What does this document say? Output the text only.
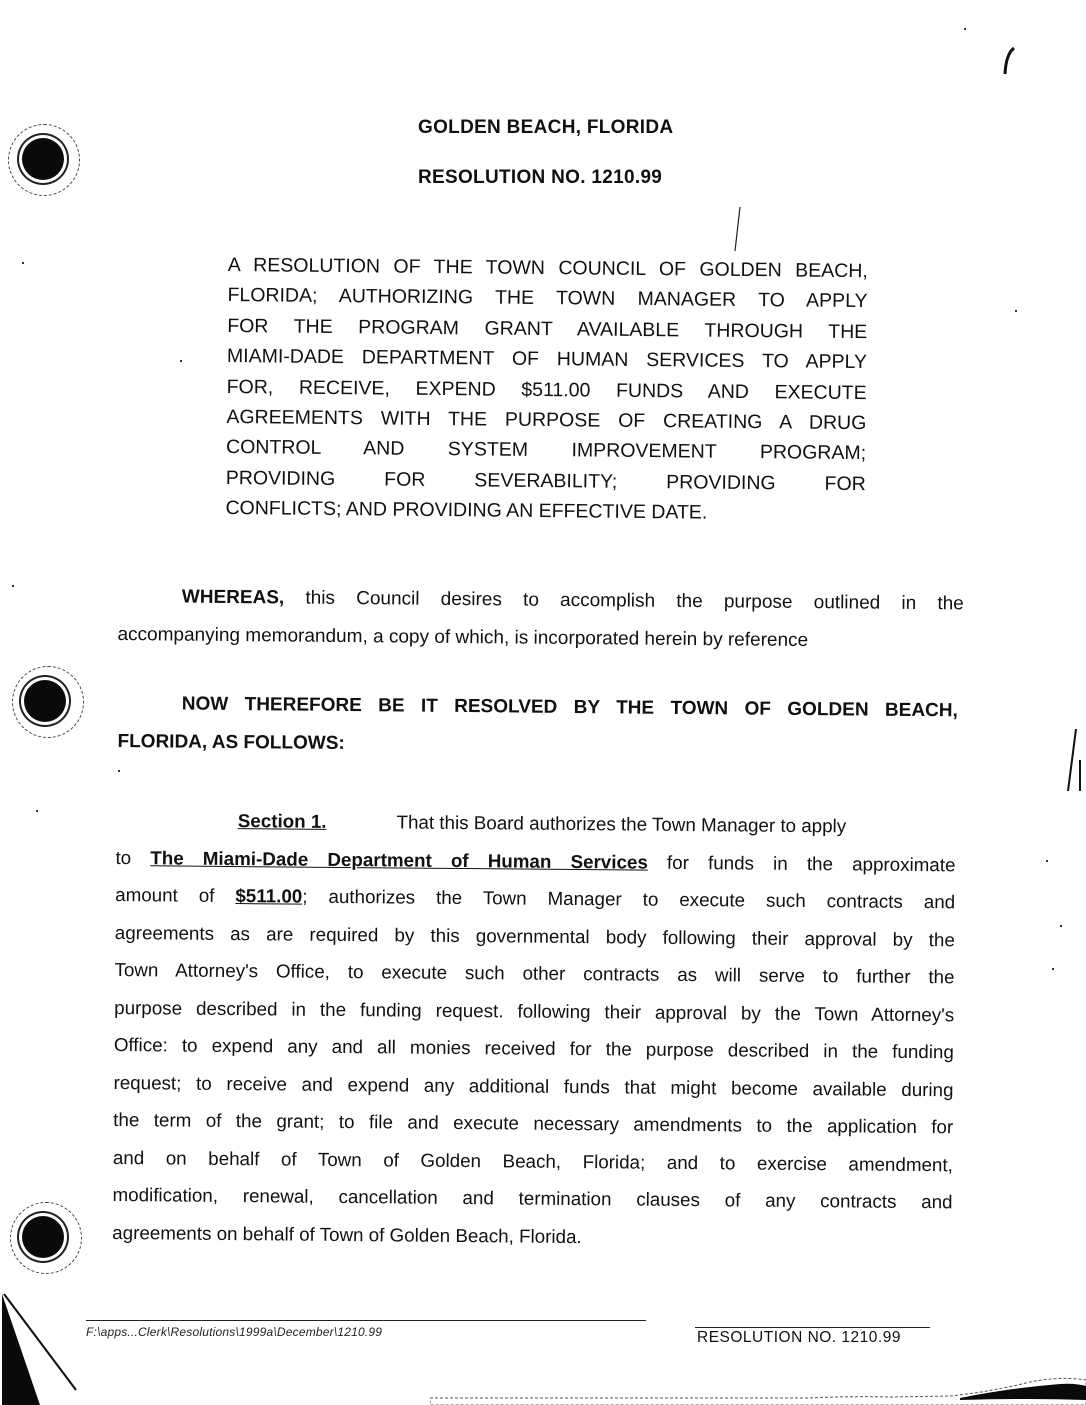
GOLDEN BEACH, FLORIDA
RESOLUTION NO. 1210.99
A RESOLUTION OF THE TOWN COUNCIL OF GOLDEN BEACH,
FLORIDA; AUTHORIZING THE TOWN MANAGER TO APPLY
FOR THE PROGRAM GRANT AVAILABLE THROUGH THE
MIAMI-DADE DEPARTMENT OF HUMAN SERVICES TO APPLY
FOR, RECEIVE, EXPEND $511.00 FUNDS AND EXECUTE
AGREEMENTS WITH THE PURPOSE OF CREATING A DRUG
CONTROL AND SYSTEM IMPROVEMENT PROGRAM;
PROVIDING FOR SEVERABILITY; PROVIDING FOR
CONFLICTS; AND PROVIDING AN EFFECTIVE DATE.
WHEREAS, this Council desires to accomplish the purpose outlined in the
accompanying memorandum, a copy of which, is incorporated herein by reference
NOW THEREFORE BE IT RESOLVED BY THE TOWN OF GOLDEN BEACH,
FLORIDA, AS FOLLOWS:
Section 1.	That this Board authorizes the Town Manager to apply
to The Miami-Dade Department of Human Services for funds in the approximate
amount of $511.00; authorizes the Town Manager to execute such contracts and
agreements as are required by this governmental body following their approval by the
Town Attorney's Office, to execute such other contracts as will serve to further the
purpose described in the funding request. following their approval by the Town Attorney's
Office: to expend any and all monies received for the purpose described in the funding
request; to receive and expend any additional funds that might become available during
the term of the grant; to file and execute necessary amendments to the application for
and on behalf of Town of Golden Beach, Florida; and to exercise amendment,
modification, renewal, cancellation and termination clauses of any contracts and
agreements on behalf of Town of Golden Beach, Florida.
F:\apps...Clerk\Resolutions\1999a\December\1210.99	RESOLUTION NO. 1210.99
